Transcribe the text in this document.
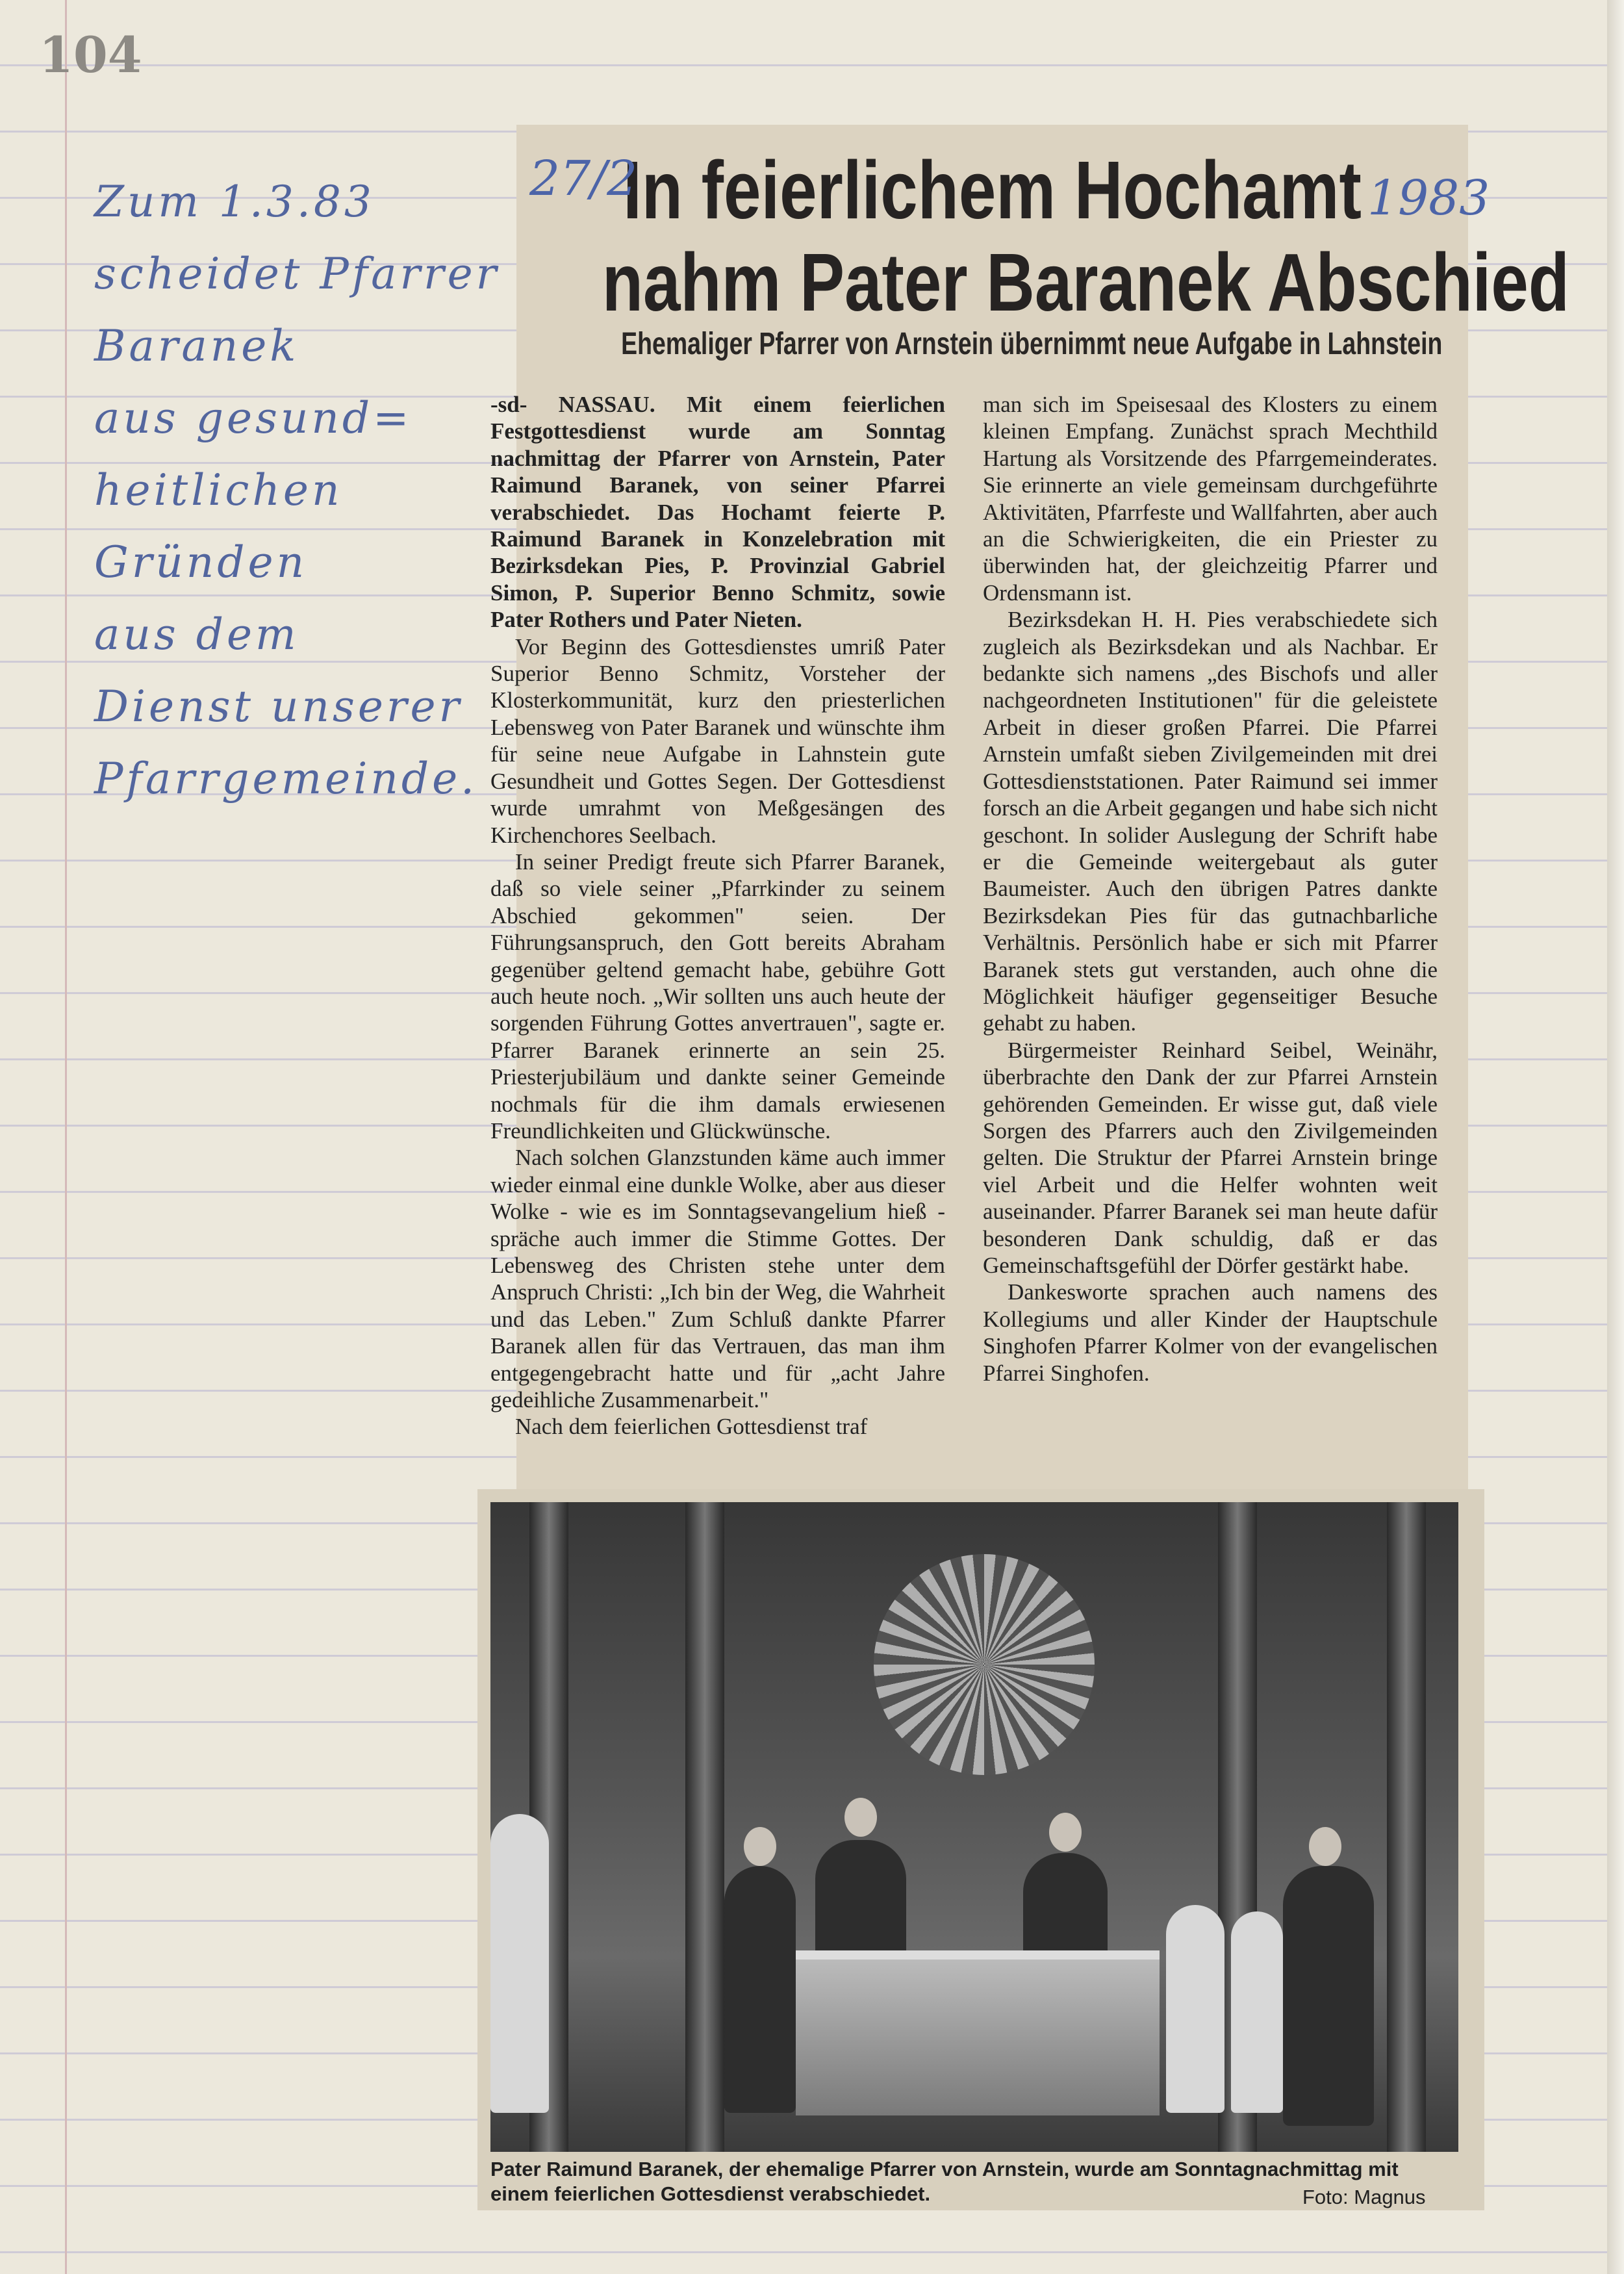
104
Zum 1.3.83
scheidet Pfarrer
Baranek
aus gesund=
heitlichen
Gründen
aus dem
Dienst unserer
Pfarrgemeinde.
In feierlichem Hochamt
nahm Pater Baranek Abschied
27/2	1983
Ehemaliger Pfarrer von Arnstein übernimmt neue Aufgabe in Lahnstein

-sd- NASSAU. Mit einem feierlichen Festgottesdienst wurde am Sonntag nachmittag der Pfarrer von Arnstein, Pater Raimund Baranek, von seiner Pfarrei verabschiedet. Das Hochamt feierte P. Raimund Baranek in Konzelebration mit Bezirksdekan Pies, P. Provinzial Gabriel Simon, P. Superior Benno Schmitz, sowie Pater Rothers und Pater Nieten.

Vor Beginn des Gottesdienstes umriß Pater Superior Benno Schmitz, Vorsteher der Klosterkommunität, kurz den priesterlichen Lebensweg von Pater Baranek und wünschte ihm für seine neue Aufgabe in Lahnstein gute Gesundheit und Gottes Segen. Der Gottesdienst wurde umrahmt von Meßgesängen des Kirchenchores Seelbach.

In seiner Predigt freute sich Pfarrer Baranek, daß so viele seiner „Pfarrkinder zu seinem Abschied gekommen" seien. Der Führungsanspruch, den Gott bereits Abraham gegenüber geltend gemacht habe, gebühre Gott auch heute noch. „Wir sollten uns auch heute der sorgenden Führung Gottes anvertrauen", sagte er. Pfarrer Baranek erinnerte an sein 25. Priesterjubiläum und dankte seiner Gemeinde nochmals für die ihm damals erwiesenen Freundlichkeiten und Glückwünsche.

Nach solchen Glanzstunden käme auch immer wieder einmal eine dunkle Wolke, aber aus dieser Wolke - wie es im Sonntagsevangelium hieß - spräche auch immer die Stimme Gottes. Der Lebensweg des Christen stehe unter dem Anspruch Christi: „Ich bin der Weg, die Wahrheit und das Leben." Zum Schluß dankte Pfarrer Baranek allen für das Vertrauen, das man ihm entgegengebracht hatte und für „acht Jahre gedeihliche Zusammenarbeit."

Nach dem feierlichen Gottesdienst traf

man sich im Speisesaal des Klosters zu einem kleinen Empfang. Zunächst sprach Mechthild Hartung als Vorsitzende des Pfarrgemeinderates. Sie erinnerte an viele gemeinsam durchgeführte Aktivitäten, Pfarrfeste und Wallfahrten, aber auch an die Schwierigkeiten, die ein Priester zu überwinden hat, der gleichzeitig Pfarrer und Ordensmann ist.

Bezirksdekan H. H. Pies verabschiedete sich zugleich als Bezirksdekan und als Nachbar. Er bedankte sich namens „des Bischofs und aller nachgeordneten Institutionen" für die geleistete Arbeit in dieser großen Pfarrei. Die Pfarrei Arnstein umfaßt sieben Zivilgemeinden mit drei Gottesdienststationen. Pater Raimund sei immer forsch an die Arbeit gegangen und habe sich nicht geschont. In solider Auslegung der Schrift habe er die Gemeinde weitergebaut als guter Baumeister. Auch den übrigen Patres dankte Bezirksdekan Pies für das gutnachbarliche Verhältnis. Persönlich habe er sich mit Pfarrer Baranek stets gut verstanden, auch ohne die Möglichkeit häufiger gegenseitiger Besuche gehabt zu haben.

Bürgermeister Reinhard Seibel, Weinähr, überbrachte den Dank der zur Pfarrei Arnstein gehörenden Gemeinden. Er wisse gut, daß viele Sorgen des Pfarrers auch den Zivilgemeinden gelten. Die Struktur der Pfarrei Arnstein bringe viel Arbeit und die Helfer wohnten weit auseinander. Pfarrer Baranek sei man heute dafür besonderen Dank schuldig, daß er das Gemeinschaftsgefühl der Dörfer gestärkt habe.

Dankesworte sprachen auch namens des Kollegiums und aller Kinder der Hauptschule Singhofen Pfarrer Kolmer von der evangelischen Pfarrei Singhofen.

Pater Raimund Baranek, der ehemalige Pfarrer von Arnstein, wurde am Sonntagnachmittag mit einem feierlichen Gottesdienst verabschiedet.	Foto: Magnus
